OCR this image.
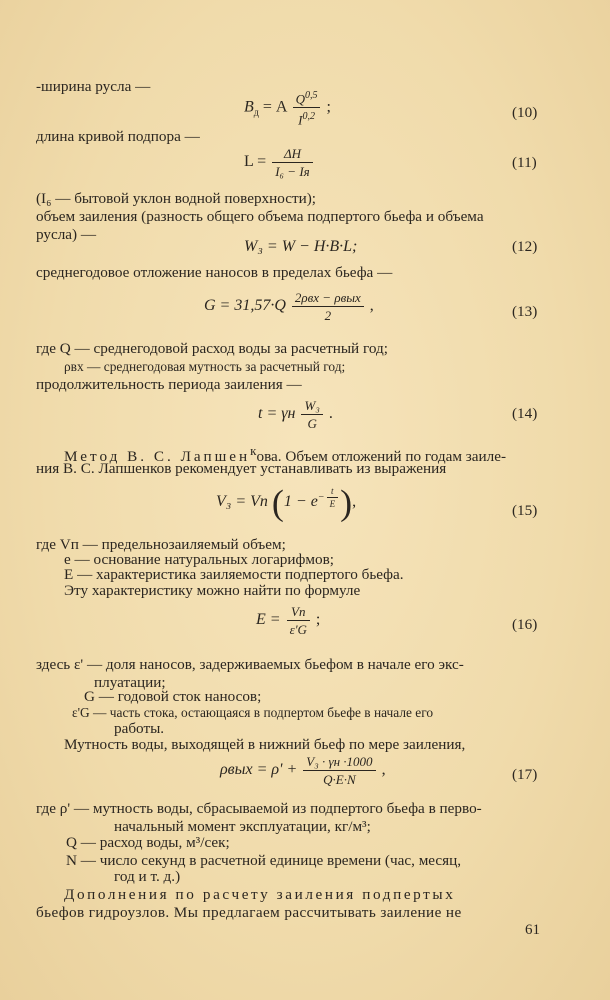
-ширина русла —
$B_д = A \frac{Q^{0,5}}{I^{0,2}}$ ;	(10)
длина кривой подпора —
$L = \frac{\Delta H}{\text{I₆ − Iя}}$	(11)
(I₆ — бытовой уклон водной поверхности);
объем заиления (разность общего объема подпертого бьефа и объема
русла) —
W₃ = W − H·B·L;	(12)
среднегодовое отложение наносов в пределах бьефа —
$G = 31,57\cdot Q \frac{\text{2ρвх − ρвых}}{2}$ ,	(13)
где Q — среднегодовой расход воды за расчетный год;
ρвх — среднегодовая мутность за расчетный год;
продолжительность периода заиления —
t = γн $\frac{\text{W₃}}{G}$ .	(14)
Метод В. С. Лапшен$^к$ова. Объем отложений по годам заиле-
ния В. С. Лапшенков рекомендует устанавливать из выражения
V₃ = Vп ($1 - e^{- \frac{t}{E}}$ ),
(15)
где Vп — предельнозаиляемый объем;
e — основание натуральных логарифмов;
E — характеристика заиляемости подпертого бьефа.
Эту характеристику можно найти по формуле
$E = \frac{Vп}{\varepsilon'G}$ ;	(16)
здесь ε' — доля наносов, задерживаемых бьефом в начале его экс-
плуатации;
G — годовой сток наносов;
ε'G — часть стока, остающаяся в подпертом бьефе в начале его
работы.
Мутность воды, выходящей в нижний бьеф по мере заиления,
$\rho вых = \rho' + \frac{\text{V₃ · γн ·1000}}{Q\cdot E\cdot N}$ ,	(17)
где ρ' — мутность воды, сбрасываемой из подпертого бьефа в перво-
начальный момент эксплуатации, кг/м³;
Q — расход воды, м³/сек;
N — число секунд в расчетной единице времени (час, месяц,
год и т. д.)
Дополнения по расчету заиления подпертых
бьефов гидроузлов. Мы предлагаем рассчитывать заиление не
61
